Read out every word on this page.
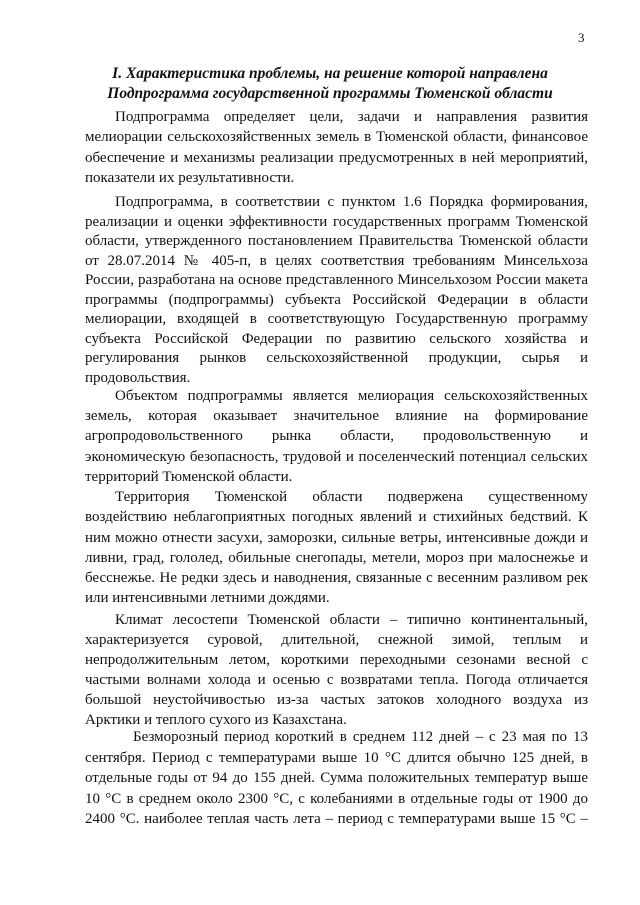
3
I. Характеристика проблемы, на решение которой направлена
Подпрограмма государственной программы Тюменской области
Подпрограмма определяет цели, задачи и направления развития
мелиорации сельскохозяйственных земель в Тюменской области, финансовое
обеспечение и механизмы реализации предусмотренных в ней мероприятий,
показатели их результативности.
Подпрограмма, в соответствии с пунктом 1.6 Порядка формирования,
реализации и оценки эффективности государственных программ Тюменской
области, утвержденного постановлением Правительства Тюменской области
от 28.07.2014 № 405-п, в целях соответствия требованиям Минсельхоза
России, разработана на основе представленного Минсельхозом России макета
программы (подпрограммы) субъекта Российской Федерации в области
мелиорации, входящей в соответствующую Государственную программу
субъекта Российской Федерации по развитию сельского хозяйства и
регулирования рынков сельскохозяйственной продукции, сырья и
продовольствия.
Объектом подпрограммы является мелиорация сельскохозяйственных
земель, которая оказывает значительное влияние на формирование
агропродовольственного рынка области, продовольственную и
экономическую безопасность, трудовой и поселенческий потенциал сельских
территорий Тюменской области.
Территория Тюменской области подвержена существенному
воздействию неблагоприятных погодных явлений и стихийных бедствий. К
ним можно отнести засухи, заморозки, сильные ветры, интенсивные дожди и
ливни, град, гололед, обильные снегопады, метели, мороз при малоснежье и
бесснежье. Не редки здесь и наводнения, связанные с весенним разливом рек
или интенсивными летними дождями.
Климат лесостепи Тюменской области – типично континентальный,
характеризуется суровой, длительной, снежной зимой, теплым и
непродолжительным летом, короткими переходными сезонами весной с
частыми волнами холода и осенью с возвратами тепла. Погода отличается
большой неустойчивостью из-за частых затоков холодного воздуха из
Арктики и теплого сухого из Казахстана.
Безморозный период короткий в среднем 112 дней – с 23 мая по 13
сентября. Период с температурами выше 10 °С длится обычно 125 дней, в
отдельные годы от 94 до 155 дней. Сумма положительных температур выше
10 °С в среднем около 2300 °С, с колебаниями в отдельные годы от 1900 до
2400 °С. наиболее теплая часть лета – период с температурами выше 15 °С –
